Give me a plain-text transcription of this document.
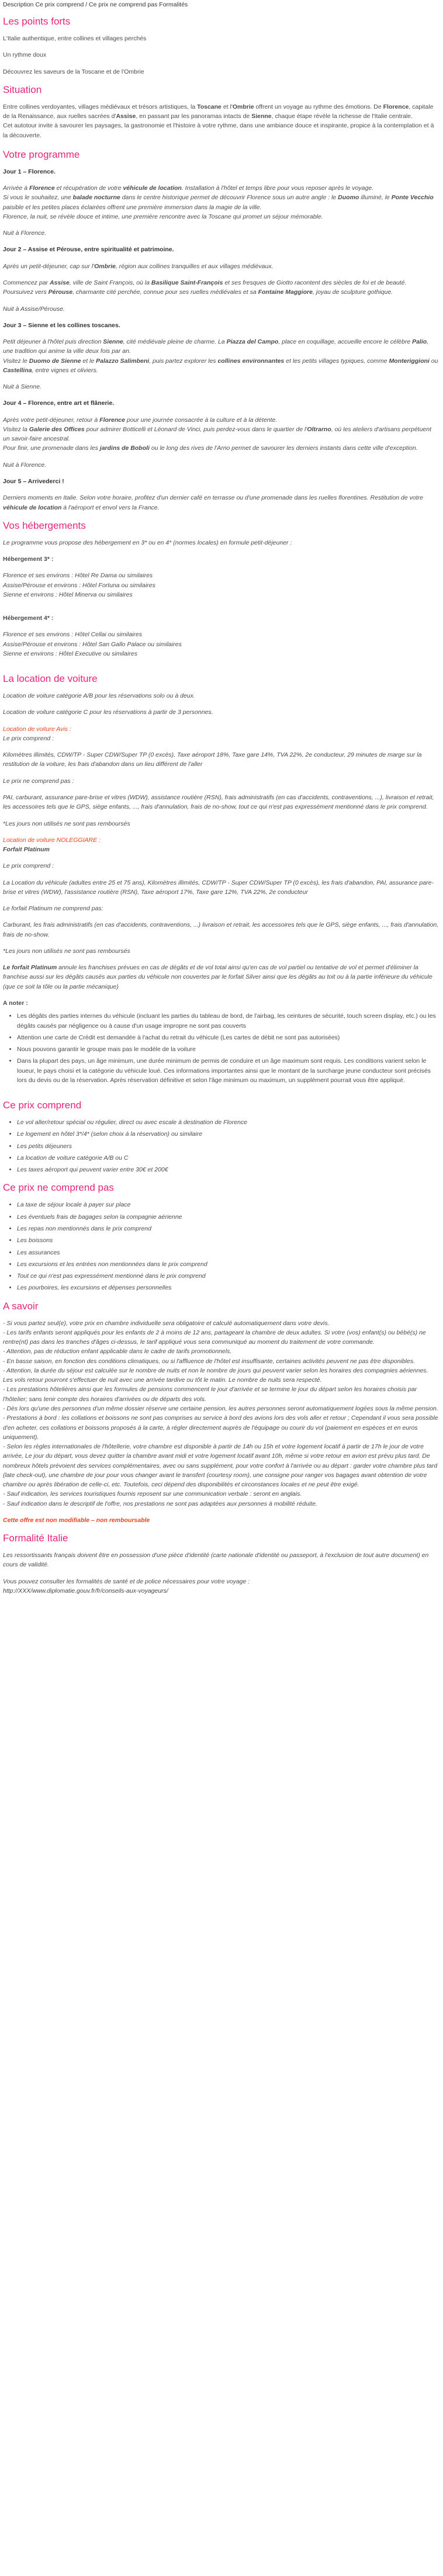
Description Ce prix comprend / Ce prix ne comprend pas Formalités
Les points forts

L'Italie authentique, entre collines et villages perchés

Un rythme doux

Découvrez les saveurs de la Toscane et de l'Ombrie

Situation
Entre collines verdoyantes, villages médiévaux et trésors artistiques, la Toscane et l'Ombrie offrent un voyage au rythme des émotions. De Florence, capitale de la Renaissance, aux ruelles sacrées d'Assise, en passant par les panoramas intacts de Sienne, chaque étape révèle la richesse de l'Italie centrale.
Cet autotour invite à savourer les paysages, la gastronomie et l'histoire à votre rythme, dans une ambiance douce et inspirante, propice à la contemplation et à la découverte.
Votre programme
Jour 1 – Florence.
Arrivée à Florence et récupération de votre véhicule de location. Installation à l'hôtel et temps libre pour vous reposer après le voyage.
Si vous le souhaitez, une balade nocturne dans le centre historique permet de découvrir Florence sous un autre angle : le Duomo illuminé, le Ponte Vecchio paisible et les petites places éclairées offrent une première immersion dans la magie de la ville.
Florence, la nuit, se révèle douce et intime, une première rencontre avec la Toscane qui promet un séjour mémorable.

Nuit à Florence.

Jour 2 – Assise et Pérouse, entre spiritualité et patrimoine.

Après un petit-déjeuner, cap sur l'Ombrie, région aux collines tranquilles et aux villages médiévaux.

Commencez par Assise, ville de Saint François, où la Basilique Saint-François et ses fresques de Giotto racontent des siècles de foi et de beauté.
Poursuivez vers Pérouse, charmante cité perchée, connue pour ses ruelles médiévales et sa Fontaine Maggiore, joyau de sculpture gothique.

Nuit à Assise/Pérouse.

Jour 3 – Sienne et les collines toscanes.
Petit déjeuner à l'hôtel puis direction Sienne, cité médiévale pleine de charme. La Piazza del Campo, place en coquillage, accueille encore le célèbre Palio, une tradition qui anime la ville deux fois par an.
Visitez le Duomo de Sienne et le Palazzo Salimbeni, puis partez explorer les collines environnantes et les petits villages typiques, comme Monteriggioni ou Castellina, entre vignes et oliviers.

Nuit à Sienne.

Jour 4 – Florence, entre art et flânerie.
Après votre petit-déjeuner, retour à Florence pour une journée consacrée à la culture et à la détente.
Visitez la Galerie des Offices pour admirer Botticelli et Léonard de Vinci, puis perdez-vous dans le quartier de l'Oltrarno, où les ateliers d'artisans perpétuent un savoir-faire ancestral.
Pour finir, une promenade dans les jardins de Boboli ou le long des rives de l'Arno permet de savourer les derniers instants dans cette ville d'exception.

Nuit à Florence.

Jour 5 – Arrivederci !

Derniers moments en Italie. Selon votre horaire, profitez d'un dernier café en terrasse ou d'une promenade dans les ruelles florentines. Restitution de votre véhicule de location à l'aéroport et envol vers la France.

Vos hébergements

Le programme vous propose des hébergement en 3* ou en 4* (normes locales) en formule petit-déjeuner :

Hébergement 3* :

Florence et ses environs : Hôtel Re Dama ou similaires
Assise/Pérouse et environs : Hôtel Fortuna ou similaires
Sienne et environs : Hôtel Minerva ou similaires

Hébergement 4* :

Florence et ses environs : Hôtel Cellai ou similaires
Assise/Pérouse et environs : Hôtel San Gallo Palace ou similaires
Sienne et environs : Hôtel Executive ou similaires
La location de voiture

Location de voiture catégorie A/B pour les réservations solo ou à deux.

Location de voiture catégorie C pour les réservations à partir de 3 personnes.

Location de voiture Avis :

Le prix comprend :

Kilomètres illimités, CDW/TP - Super CDW/Super TP (0 excès), Taxe aéroport 18%, Taxe gare 14%, TVA 22%, 2e conducteur, 29 minutes de marge sur la restitution de la voiture, les frais d'abandon dans un lieu différent de l'aller

Le prix ne comprend pas :

PAI, carburant, assurance pare-brise et vitres (WDW), assistance routière (RSN), frais administratifs (en cas d'accidents, contraventions, ...), livraison et retrait, les accessoires tels que le GPS, siège enfants, ..., frais d'annulation, frais de no-show, tout ce qui n'est pas expressément mentionné dans le prix comprend.

*Les jours non utilisés ne sont pas remboursés

Location de voiture NOLEGGIARE :

Forfait Platinum

Le prix comprend :

La Location du véhicule (adultes entre 25 et 75 ans), Kilomètres illimités, CDW/TP - Super CDW/Super TP (0 excès), les frais d'abandon, PAI, assurance pare-brise et vitres (WDW), l'assistance routière (RSN), Taxe aéroport 17%, Taxe gare 12%, TVA 22%, 2e conducteur

Le forfait Platinum ne comprend pas:

Carburant, les frais administratifs (en cas d'accidents, contraventions, ...) livraison et retrait, les accessoires tels que le GPS, siège enfants, ..., frais d'annulation, frais de no-show.

*Les jours non utilisés ne sont pas remboursés

Le forfait Platinum annule les franchises prévues en cas de dégâts et de vol total ainsi qu'en cas de vol partiel ou tentative de vol et permet d'éliminer la franchise aussi sur les dégâts causés aux parties du véhicule non couvertes par le forfait Silver ainsi que les dégâts au toit ou à la partie inférieure du véhicule (que ce soit la tôle ou la partie mécanique)

A noter :
• Les dégâts des parties internes du véhicule (incluant les parties du tableau de bord, de l'airbag, les ceintures de sécurité, touch screen display, etc.) ou les dégâts causés par négligence ou à cause d'un usage impropre ne sont pas couverts
• Attention une carte de Crédit est demandée à l'achat du retrait du véhicule (Les cartes de débit ne sont pas autorisées)
• Nous pouvons garantir le groupe mais pas le modèle de la voiture
• Dans la plupart des pays, un âge minimum, une durée minimum de permis de conduire et un âge maximum sont requis. Les conditions varient selon le loueur, le pays choisi et la catégorie du véhicule loué. Ces informations importantes ainsi que le montant de la surcharge jeune conducteur sont précisés lors du devis ou de la réservation. Après réservation définitive et selon l'âge minimum ou maximum, un supplément pourrait vous être appliqué.
Ce prix comprend
• Le vol aller/retour spécial ou régulier, direct ou avec escale à destination de Florence
• Le logement en hôtel 3*/4* (selon choix à la réservation) ou similaire
• Les petits déjeuners
• La location de voiture catégorie A/B ou C
• Les taxes aéroport qui peuvent varier entre 30€ et 200€
Ce prix ne comprend pas
• La taxe de séjour locale à payer sur place
• Les éventuels frais de bagages selon la compagnie aérienne
• Les repas non mentionnés dans le prix comprend
• Les boissons
• Les assurances
• Les excursions et les entrées non mentionnées dans le prix comprend
• Tout ce qui n'est pas expressément mentionné dans le prix comprend
• Les pourboires, les excursions et dépenses personnelles
A savoir
- Si vous partez seul(e), votre prix en chambre individuelle sera obligatoire et calculé automatiquement dans votre devis.
- Les tarifs enfants seront appliqués pour les enfants de 2 à moins de 12 ans, partageant la chambre de deux adultes. Si votre (vos) enfant(s) ou bébé(s) ne rentre(nt) pas dans les tranches d'âges ci-dessus, le tarif appliqué vous sera communiqué au moment du traitement de votre commande.
- Attention, pas de réduction enfant applicable dans le cadre de tarifs promotionnels.
- En basse saison, en fonction des conditions climatiques, ou si l'affluence de l'hôtel est insuffisante, certaines activités peuvent ne pas être disponibles.
- Attention, la durée du séjour est calculée sur le nombre de nuits et non le nombre de jours qui peuvent varier selon les horaires des compagnies aériennes. Les vols retour pourront s'effectuer de nuit avec une arrivée tardive ou tôt le matin. Le nombre de nuits sera respecté.
- Les prestations hôtelières ainsi que les formules de pensions commencent le jour d'arrivée et se termine le jour du départ selon les horaires choisis par l'hôtelier; sans tenir compte des horaires d'arrivées ou de départs des vols.
- Dès lors qu'une des personnes d'un même dossier réserve une certaine pension, les autres personnes seront automatiquement logées sous la même pension.
- Prestations à bord : les collations et boissons ne sont pas comprises au service à bord des avions lors des vols aller et retour ; Cependant il vous sera possible d'en acheter, ces collations et boissons proposés à la carte, à régler directement auprès de l'équipage ou courir du vol (paiement en espèces et en euros uniquement).
- Selon les règles internationales de l'hôtellerie, votre chambre est disponible à partir de 14h ou 15h et votre logement locatif à partir de 17h le jour de votre arrivée, Le jour du départ, vous devez quitter la chambre avant midi et votre logement locatif avant 10h, même si votre retour en avion est prévu plus tard. De nombreux hôtels prévoient des services complémentaires, avec ou sans supplément, pour votre confort à l'arrivée ou au départ : garder votre chambre plus tard (late check-out), une chambre de jour pour vous changer avant le transfert (courtesy room), une consigne pour ranger vos bagages avant obtention de votre chambre ou après libération de celle-ci, etc. Toutefois, ceci dépend des disponibilités et circonstances locales et ne peut être exigé.
- Sauf indication, les services touristiques fournis reposent sur une communication verbale : seront en anglais.
- Sauf indication dans le descriptif de l'offre, nos prestations ne sont pas adaptées aux personnes à mobilité réduite.

Cette offre est non modifiable – non remboursable

Formalité Italie

Les ressortissants français doivent être en possession d'une pièce d'identité (carte nationale d'identité ou passeport, à l'exclusion de tout autre document) en cours de validité.

Vous pouvez consulter les formalités de santé et de police nécessaires pour votre voyage :
http://XXX/www.diplomatie.gouv.fr/fr/conseils-aux-voyageurs/
